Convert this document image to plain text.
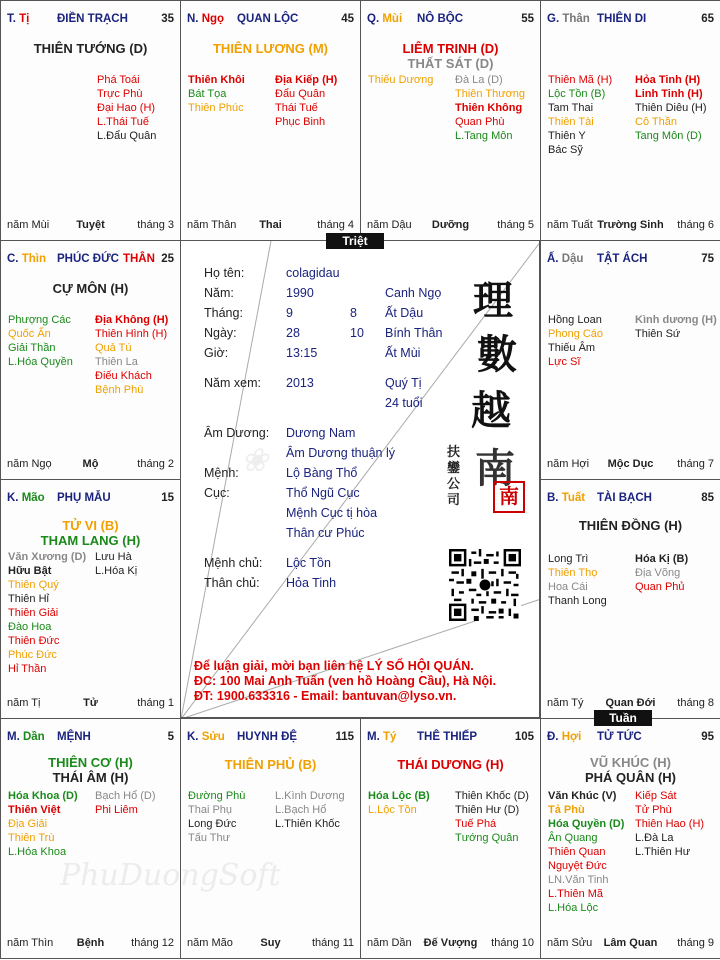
T. Tị ĐIỀN TRẠCH	35
THIÊN TƯỚNG (D)
Phá Toái
Trực Phù
Đại Hao (H)
L.Thái Tuế
L.Đẩu Quân
năm Mùi	Tuyệt	tháng 3
N. Ngọ QUAN LỘC	45
THIÊN LƯƠNG (M)
Thiên Khôi
Bát Tọa
Thiên Phúc
Địa Kiếp (H)
Đẩu Quân
Thái Tuế
Phục Binh
năm Thân	Thai	tháng 4
Q. Mùi NÔ BỘC	55
LIÊM TRINH (D)
THẤT SÁT (D)
Thiếu Dương Đà La (D)
Thiên Thương
Thiên Không
Quan Phù
L.Tang Môn
năm Dậu	Dưỡng	tháng 5
G. Thân THIÊN DI	65
Thiên Mã (H)
Lộc Tồn (B)
Tam Thai
Thiên Tài
Thiên Y
Bác Sỹ
Hỏa Tinh (H)
Linh Tinh (H)
Thiên Diêu (H)
Cô Thần
Tang Môn (D)
năm Tuất Trường Sinh	tháng 6
C. Thìn PHÚC ĐỨC THÂN 25
CỰ MÔN (H)
Phượng Các
Quốc Ấn
Giải Thần
L.Hóa Quyền
Địa Không (H)
Thiên Hình (H)
Quả Tú
Thiên La
Điếu Khách
Bệnh Phù
năm Ngọ	Mộ	tháng 2
Ấ. Dậu TẬT ÁCH	75
Hồng Loan
Phong Cáo
Thiếu Âm
Lực Sĩ
Kình dương (H)
Thiên Sứ
năm Hợi	Mộc Dục	tháng 7
K. Mão PHỤ MẪU	15
TỬ VI (B)
THAM LANG (H)
Văn Xương (D)
Hữu Bật
Thiên Quý
Thiên Hỉ
Thiên Giải
Đào Hoa
Thiên Đức
Phúc Đức
Hỉ Thần
Lưu Hà
L.Hóa Kị
năm Tị	Tử	tháng 1
B. Tuất TÀI BẠCH	85
THIÊN ĐỒNG (H)
Long Trì
Thiên Thọ
Hoa Cái
Thanh Long
Hóa Kị (B)
Địa Võng
Quan Phủ
năm Tý	Quan Đới	tháng 8
M. Dần MỆNH	5
THIÊN CƠ (H)
THÁI ÂM (H)
Hóa Khoa (D)
Thiên Việt
Địa Giải
Thiên Trù
L.Hóa Khoa
Bạch Hổ (D)
Phi Liêm
năm Thìn	Bệnh	tháng 12
K. Sửu HUYNH ĐỆ	115
THIÊN PHỦ (B)
Đường Phù
Thai Phụ
Long Đức
Tấu Thư
L.Kình Dương
L.Bạch Hổ
L.Thiên Khốc
năm Mão	Suy	tháng 11
M. Tý THÊ THIẾP	105
THÁI DƯƠNG (H)
Hóa Lộc (B)
L.Lộc Tồn
Thiên Khốc (D)
Thiên Hư (D)
Tuế Phá
Tướng Quân
năm Dần	Đế Vượng	tháng 10
Đ. Hợi TỬ TỨC	95
VŨ KHÚC (H)
PHÁ QUÂN (H)
Văn Khúc (V)
Tả Phù
Hóa Quyền (D)
Ân Quang
Thiên Quan
Nguyệt Đức
LN.Văn Tinh
L.Thiên Mã
L.Hóa Lộc
Kiếp Sát
Tử Phù
Thiên Hao (H)
L.Đà La
L.Thiên Hư
năm Sửu	Lâm Quan	tháng 9
❀
Họ tên:	colagidau
Năm:	1990	Canh Ngọ
Tháng:	9	8 Ất Dậu
Ngày:	28	10 Bính Thân
Giờ:	13:15	Ất Mùi
Năm xem: 2013	Quý Tị
24 tuổi
Âm Dương: Dương Nam
Âm Dương thuận lý
Mệnh:	Lộ Bàng Thổ
Cục:	Thổ Ngũ Cục
Mệnh Cục tị hòa
Thân cư Phúc
Mệnh chủ: Lộc Tồn
Thân chủ: Hỏa Tinh
理
數
越
南
扶鑾公司	南
Để luận giải, mời bạn liên hệ LÝ SỐ HỘI QUÁN.
ĐC: 100 Mai Anh Tuấn (ven hồ Hoàng Cầu), Hà Nội.
ĐT: 1900.633316 - Email: bantuvan@lyso.vn.
Triệt
Tuần
PhuDuongSoft
